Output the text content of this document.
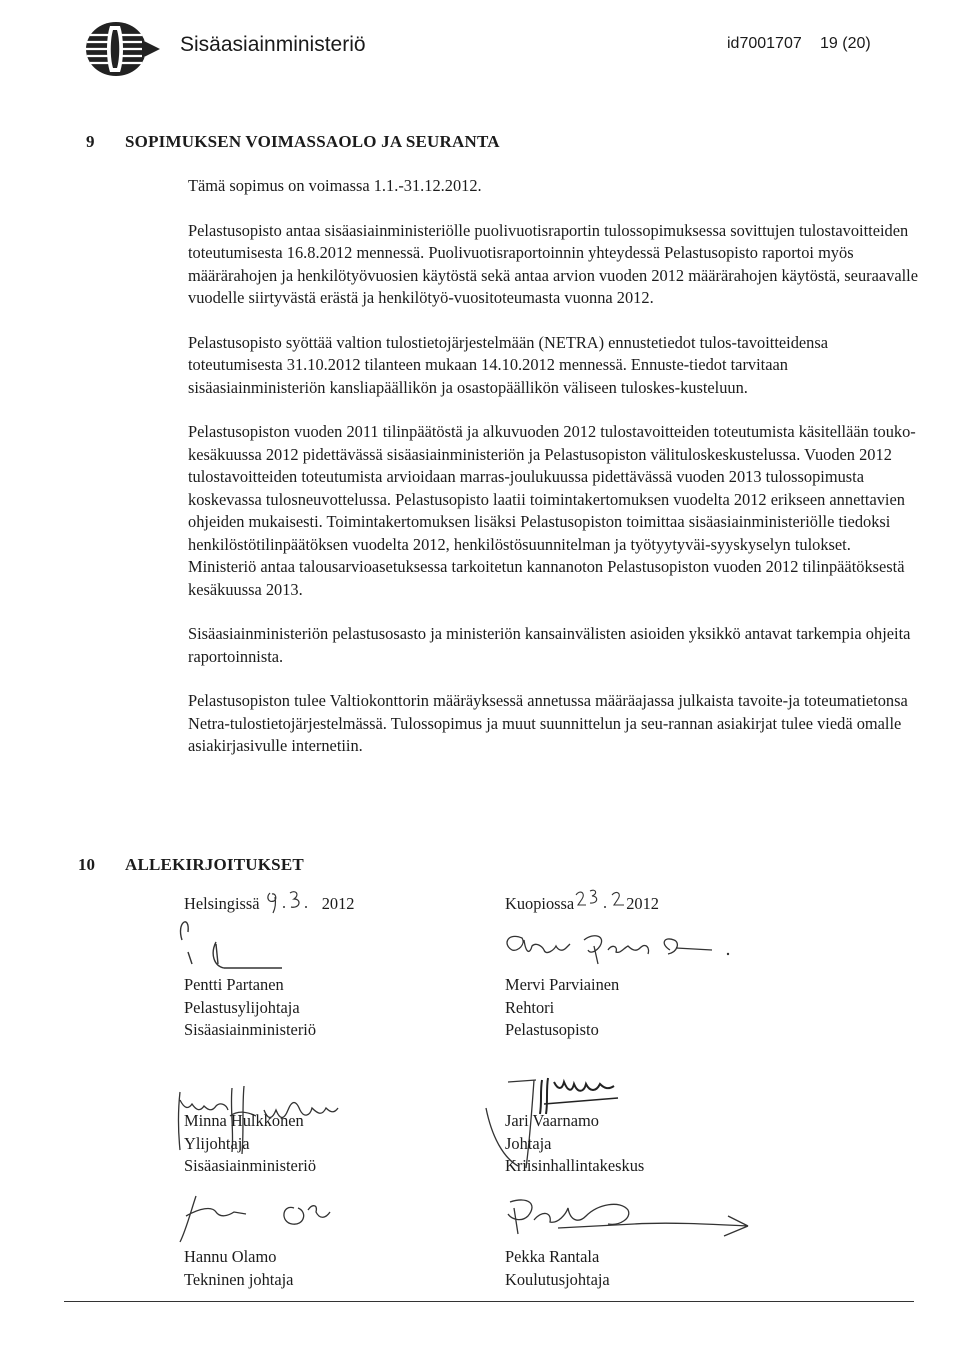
Sisäasiainministeriö	id7001707 19 (20)
9 SOPIMUKSEN VOIMASSAOLO JA SEURANTA

Tämä sopimus on voimassa 1.1.-31.12.2012.

Pelastusopisto antaa sisäasiainministeriölle puolivuotisraportin tulossopimuksessa sovittujen tulostavoitteiden toteutumisesta 16.8.2012 mennessä. Puolivuotisraportoinnin yhteydessä Pelastusopisto raportoi myös määrärahojen ja henkilötyövuosien käytöstä sekä antaa arvion vuoden 2012 määrärahojen käytöstä, seuraavalle vuodelle siirtyvästä erästä ja henkilötyö-vuositoteumasta vuonna 2012.

Pelastusopisto syöttää valtion tulostietojärjestelmään (NETRA) ennustetiedot tulos-tavoitteidensa toteutumisesta 31.10.2012 tilanteen mukaan 14.10.2012 mennessä. Ennuste-tiedot tarvitaan sisäasiainministeriön kansliapäällikön ja osastopäällikön väliseen tuloskes-kusteluun.

Pelastusopiston vuoden 2011 tilinpäätöstä ja alkuvuoden 2012 tulostavoitteiden toteutumista käsitellään touko-kesäkuussa 2012 pidettävässä sisäasiainministeriön ja Pelastusopiston välituloskeskustelussa. Vuoden 2012 tulostavoitteiden toteutumista arvioidaan marras-joulukuussa pidettävässä vuoden 2013 tulossopimusta koskevassa tulosneuvottelussa. Pelastusopisto laatii toimintakertomuksen vuodelta 2012 erikseen annettavien ohjeiden mukaisesti. Toimintakertomuksen lisäksi Pelastusopiston toimittaa sisäasiainministeriölle tiedoksi henkilöstötilinpäätöksen vuodelta 2012, henkilöstösuunnitelman ja työtyytyväi-syyskyselyn tulokset. Ministeriö antaa talousarvioasetuksessa tarkoitetun kannanoton Pelastusopiston vuoden 2012 tilinpäätöksestä kesäkuussa 2013.

Sisäasiainministeriön pelastusosasto ja ministeriön kansainvälisten asioiden yksikkö antavat tarkempia ohjeita raportoinnista.

Pelastusopiston tulee Valtiokonttorin määräyksessä annetussa määräajassa julkaista tavoite-ja toteumatietonsa Netra-tulostietojärjestelmässä. Tulossopimus ja muut suunnittelun ja seu-rannan asiakirjat tulee viedä omalle asiakirjasivulle internetiin.

10 ALLEKIRJOITUKSET
Helsingissä	2012	Kuopiossa	2012
Pentti Partanen
Pelastusylijohtaja
Sisäasiainministeriö
Mervi Parviainen
Rehtori
Pelastusopisto
Minna Hulkkonen
Ylijohtaja
Sisäasiainministeriö
Jari Vaarnamo
Johtaja
Kriisinhallintakeskus
Hannu Olamo
Tekninen johtaja
Pekka Rantala
Koulutusjohtaja
